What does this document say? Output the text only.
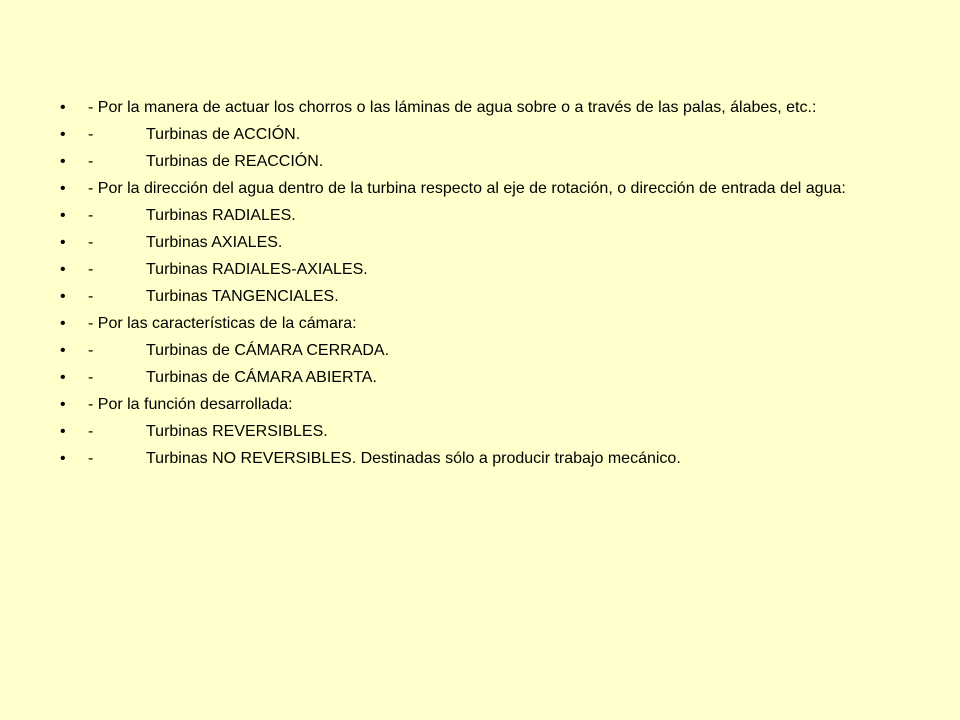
•	- Por la manera de actuar los chorros o las láminas de agua sobre o a través de las palas, álabes, etc.:
•	-	Turbinas de ACCIÓN.
•	-	Turbinas de REACCIÓN.
•	- Por la dirección del agua dentro de la turbina respecto al eje de rotación, o dirección de entrada del agua:
•	-	Turbinas RADIALES.
•	-	Turbinas AXIALES.
•	-	Turbinas RADIALES-AXIALES.
•	-	Turbinas TANGENCIALES.
•	- Por las características de la cámara:
•	-	Turbinas de CÁMARA CERRADA.
•	-	Turbinas de CÁMARA ABIERTA.
•	- Por la función desarrollada:
•	-	Turbinas REVERSIBLES.
•	-	Turbinas NO REVERSIBLES. Destinadas sólo a producir trabajo mecánico.
